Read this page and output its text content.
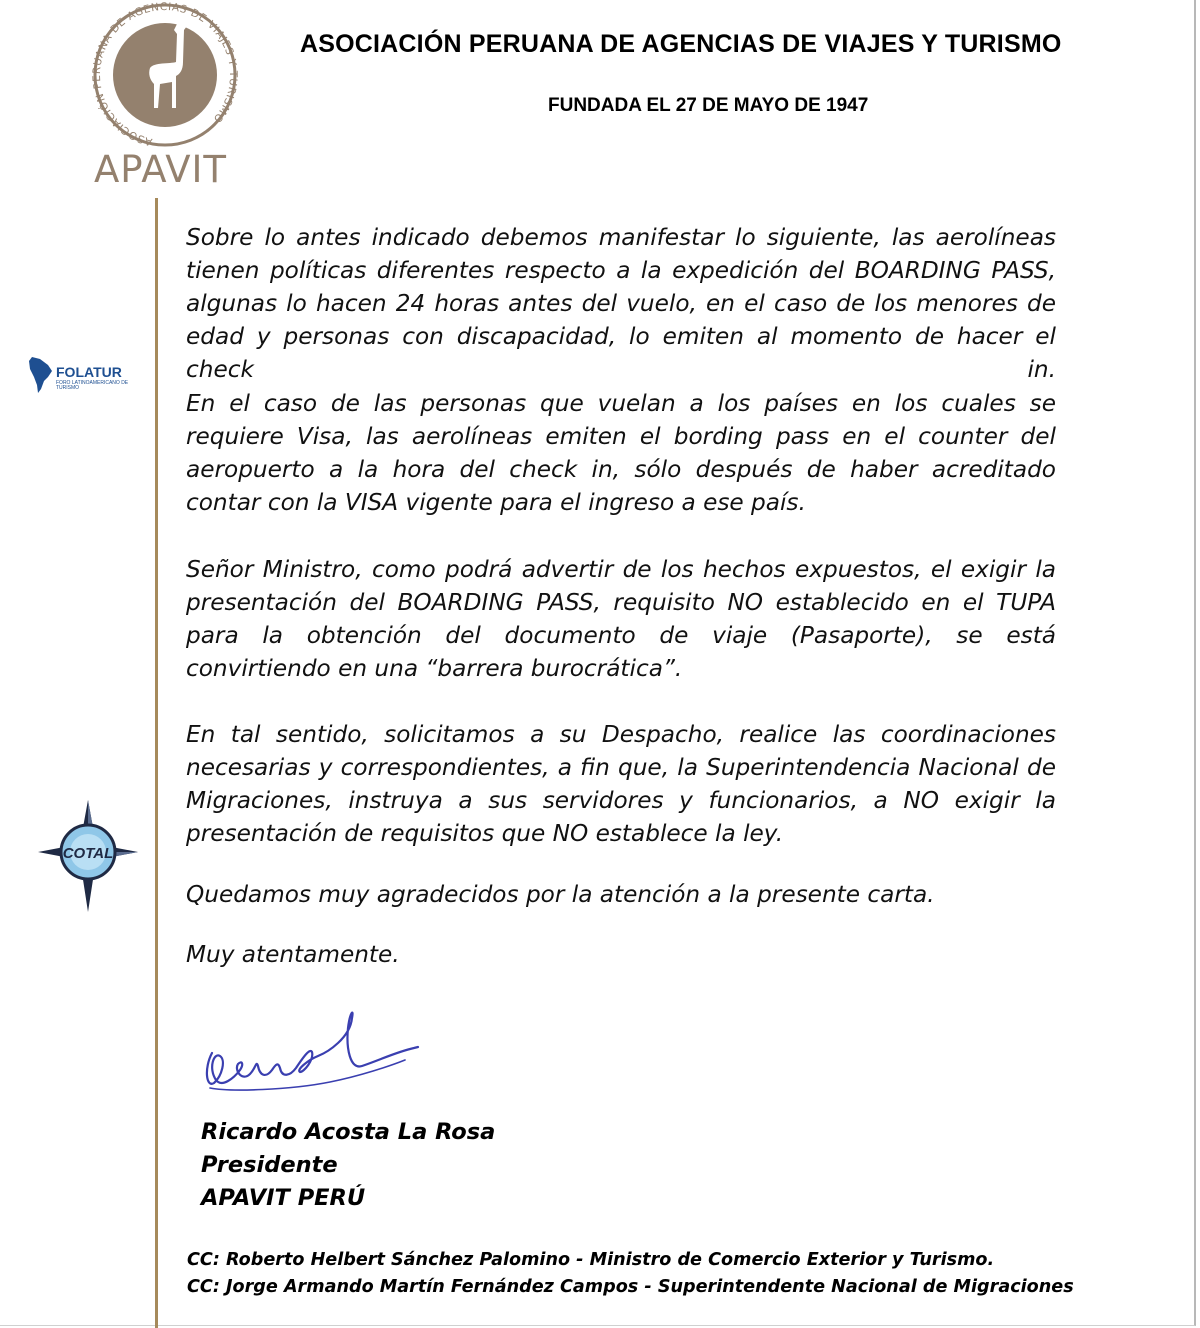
ASOCIACIÓN PERUANA DE AGENCIAS DE VIAJES Y TURISMO
APAVIT
ASOCIACIÓN PERUANA DE AGENCIAS DE VIAJES Y TURISMO
FUNDADA EL 27 DE MAYO DE 1947
FOLATUR
FORO LATINOAMERICANO DE TURISMO
COTAL

Sobre lo antes indicado debemos manifestar lo siguiente, las aerolíneas tienen políticas diferentes respecto a la expedición del BOARDING PASS, algunas lo hacen 24 horas antes del vuelo, en el caso de los menores de edad y personas con discapacidad, lo emiten al momento de hacer el check in.

En el caso de las personas que vuelan a los países en los cuales se requiere Visa, las aerolíneas emiten el bording pass en el counter del aeropuerto a la hora del check in, sólo después de haber acreditado contar con la VISA vigente para el ingreso a ese país.

Señor Ministro, como podrá advertir de los hechos expuestos, el exigir la presentación del BOARDING PASS, requisito NO establecido en el TUPA para la obtención del documento de viaje (Pasaporte), se está convirtiendo en una “barrera burocrática”.

En tal sentido, solicitamos a su Despacho, realice las coordinaciones necesarias y correspondientes, a fin que, la Superintendencia Nacional de Migraciones, instruya a sus servidores y funcionarios, a NO exigir la presentación de requisitos que NO establece la ley.

Quedamos muy agradecidos por la atención a la presente carta.

Muy atentamente.

Ricardo Acosta La Rosa
Presidente
APAVIT PERÚ
CC: Roberto Helbert Sánchez Palomino - Ministro de Comercio Exterior y Turismo.
CC: Jorge Armando Martín Fernández Campos - Superintendente Nacional de Migraciones
